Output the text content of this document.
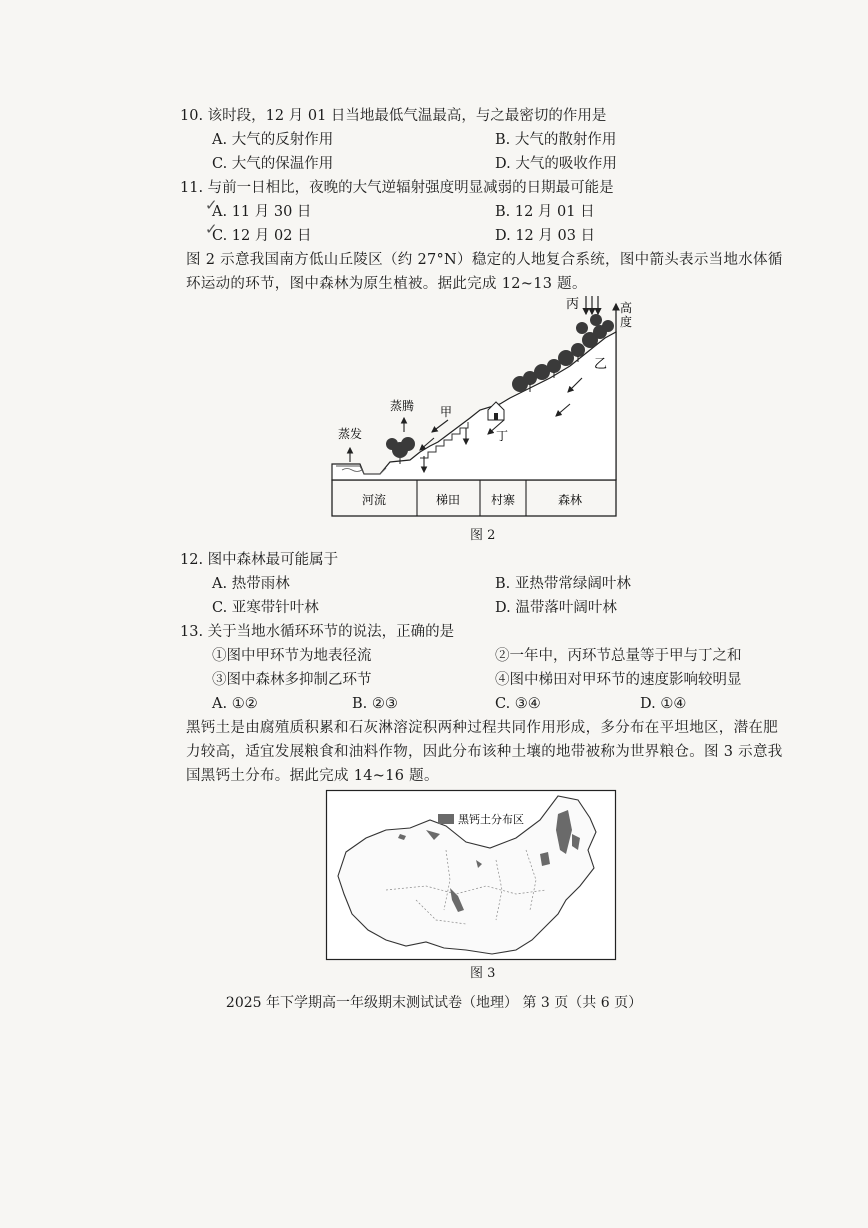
10. 该时段，12 月 01 日当地最低气温最高，与之最密切的作用是
A. 大气的反射作用	B. 大气的散射作用
C. 大气的保温作用	D. 大气的吸收作用
11. 与前一日相比，夜晚的大气逆辐射强度明显减弱的日期最可能是
A. 11 月 30 日	B. 12 月 01 日
C. 12 月 02 日	D. 12 月 03 日
✓
✓
图 2 示意我国南方低山丘陵区（约 27°N）稳定的人地复合系统，图中箭头表示当地水体循环运动的环节，图中森林为原生植被。据此完成 12~13 题。
河流	梯田	村寨	森林
高
度
丙
乙
蒸腾
蒸发
甲
丁
图 2
12. 图中森林最可能属于
A. 热带雨林	B. 亚热带常绿阔叶林
C. 亚寒带针叶林	D. 温带落叶阔叶林
13. 关于当地水循环环节的说法，正确的是
①图中甲环节为地表径流	②一年中，丙环节总量等于甲与丁之和
③图中森林多抑制乙环节	④图中梯田对甲环节的速度影响较明显
A. ①②	B. ②③	C. ③④	D. ①④
黑钙土是由腐殖质积累和石灰淋溶淀积两种过程共同作用形成，多分布在平坦地区，潜在肥力较高，适宜发展粮食和油料作物，因此分布该种土壤的地带被称为世界粮仓。图 3 示意我国黑钙土分布。据此完成 14~16 题。
黑钙土分布区
图 3
2025 年下学期高一年级期末测试试卷（地理） 第 3 页（共 6 页）
